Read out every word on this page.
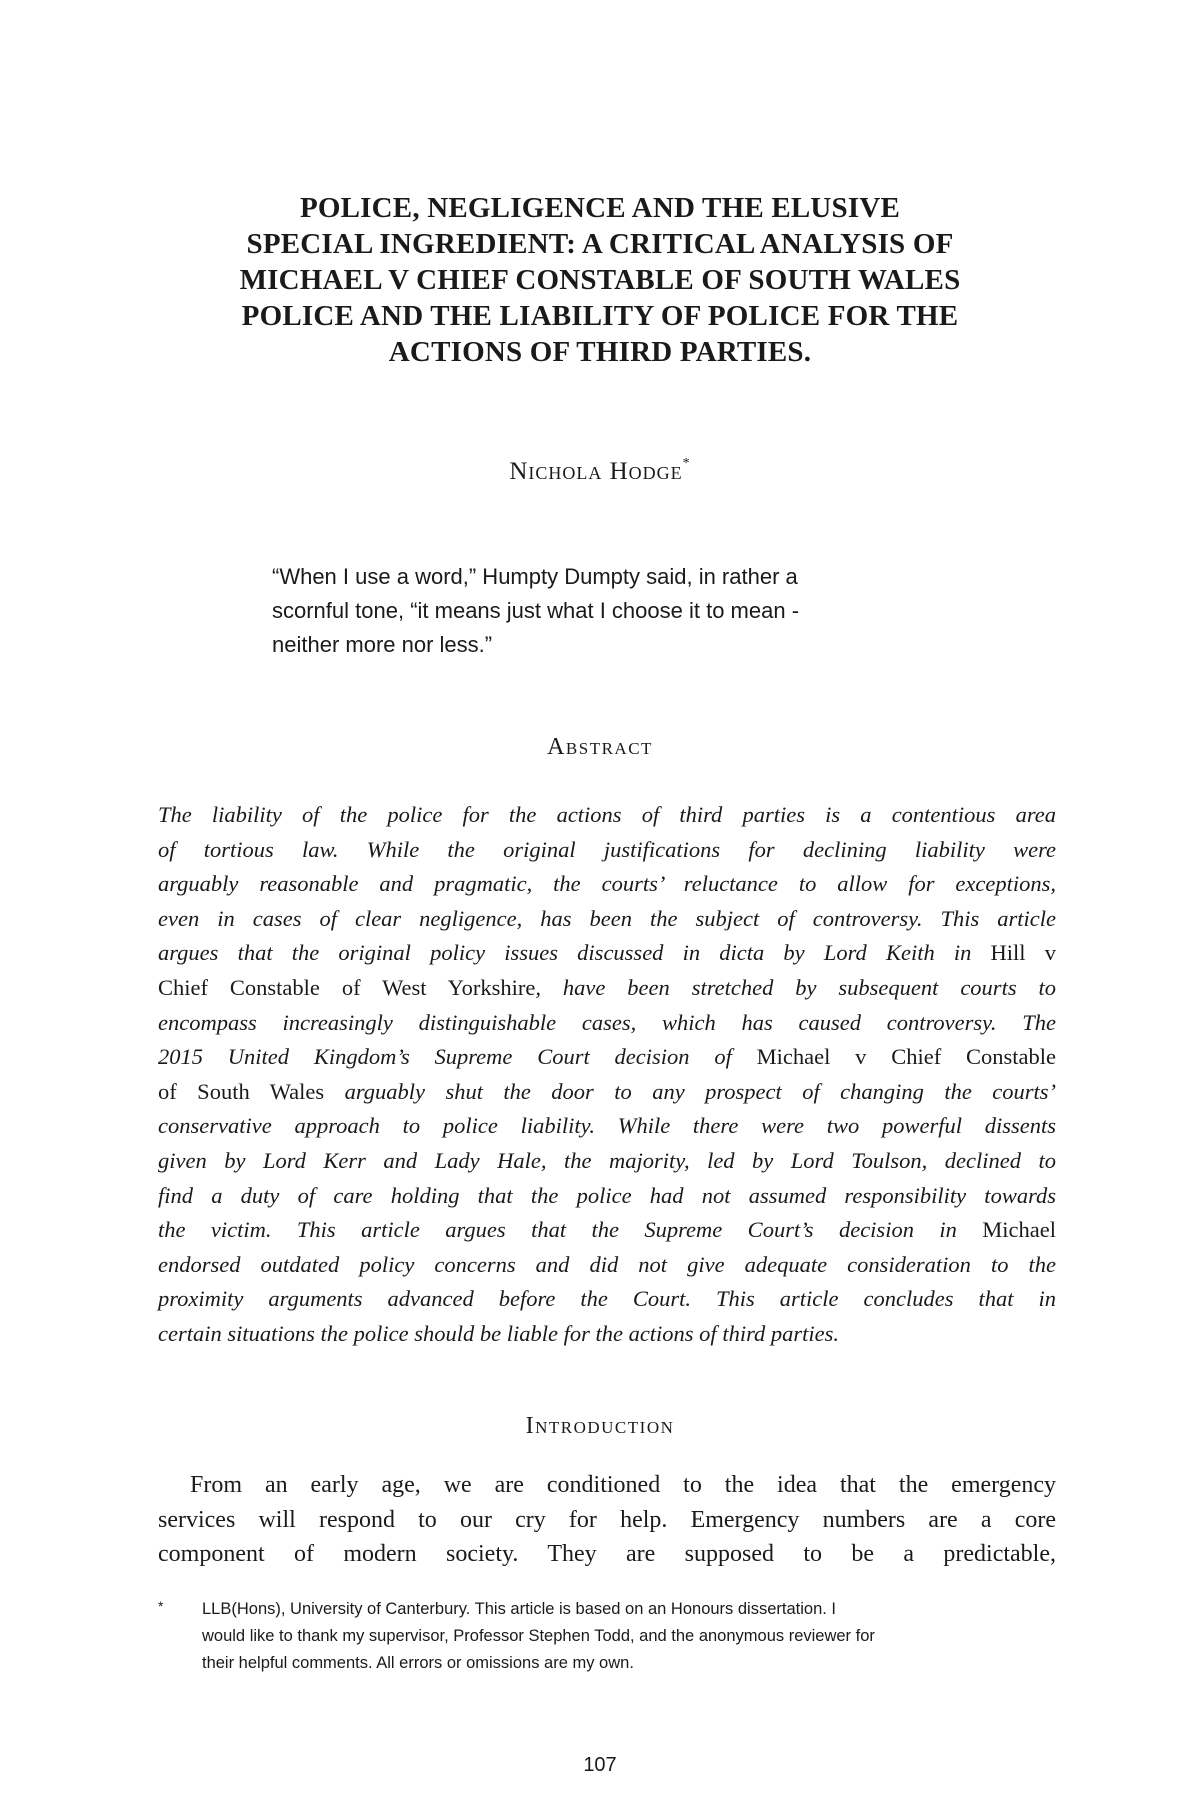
POLICE, NEGLIGENCE AND THE ELUSIVE
SPECIAL INGREDIENT: A CRITICAL ANALYSIS OF
MICHAEL V CHIEF CONSTABLE OF SOUTH WALES
POLICE AND THE LIABILITY OF POLICE FOR THE
ACTIONS OF THIRD PARTIES.
Nichola Hodge*
“When I use a word,” Humpty Dumpty said, in rather a
scornful tone, “it means just what I choose it to mean -
neither more nor less.”
Abstract
The liability of the police for the actions of third parties is a contentious area
of tortious law. While the original justifications for declining liability were
arguably reasonable and pragmatic, the courts’ reluctance to allow for exceptions,
even in cases of clear negligence, has been the subject of controversy. This article
argues that the original policy issues discussed in dicta by Lord Keith in Hill v
Chief Constable of West Yorkshire, have been stretched by subsequent courts to
encompass increasingly distinguishable cases, which has caused controversy. The
2015 United Kingdom’s Supreme Court decision of Michael v Chief Constable
of South Wales arguably shut the door to any prospect of changing the courts’
conservative approach to police liability. While there were two powerful dissents
given by Lord Kerr and Lady Hale, the majority, led by Lord Toulson, declined to
find a duty of care holding that the police had not assumed responsibility towards
the victim. This article argues that the Supreme Court’s decision in Michael
endorsed outdated policy concerns and did not give adequate consideration to the
proximity arguments advanced before the Court. This article concludes that in
certain situations the police should be liable for the actions of third parties.
Introduction
From an early age, we are conditioned to the idea that the emergency
services will respond to our cry for help. Emergency numbers are a core
component of modern society. They are supposed to be a predictable,
* LLB(Hons), University of Canterbury. This article is based on an Honours dissertation. I
would like to thank my supervisor, Professor Stephen Todd, and the anonymous reviewer for
their helpful comments. All errors or omissions are my own.
107
